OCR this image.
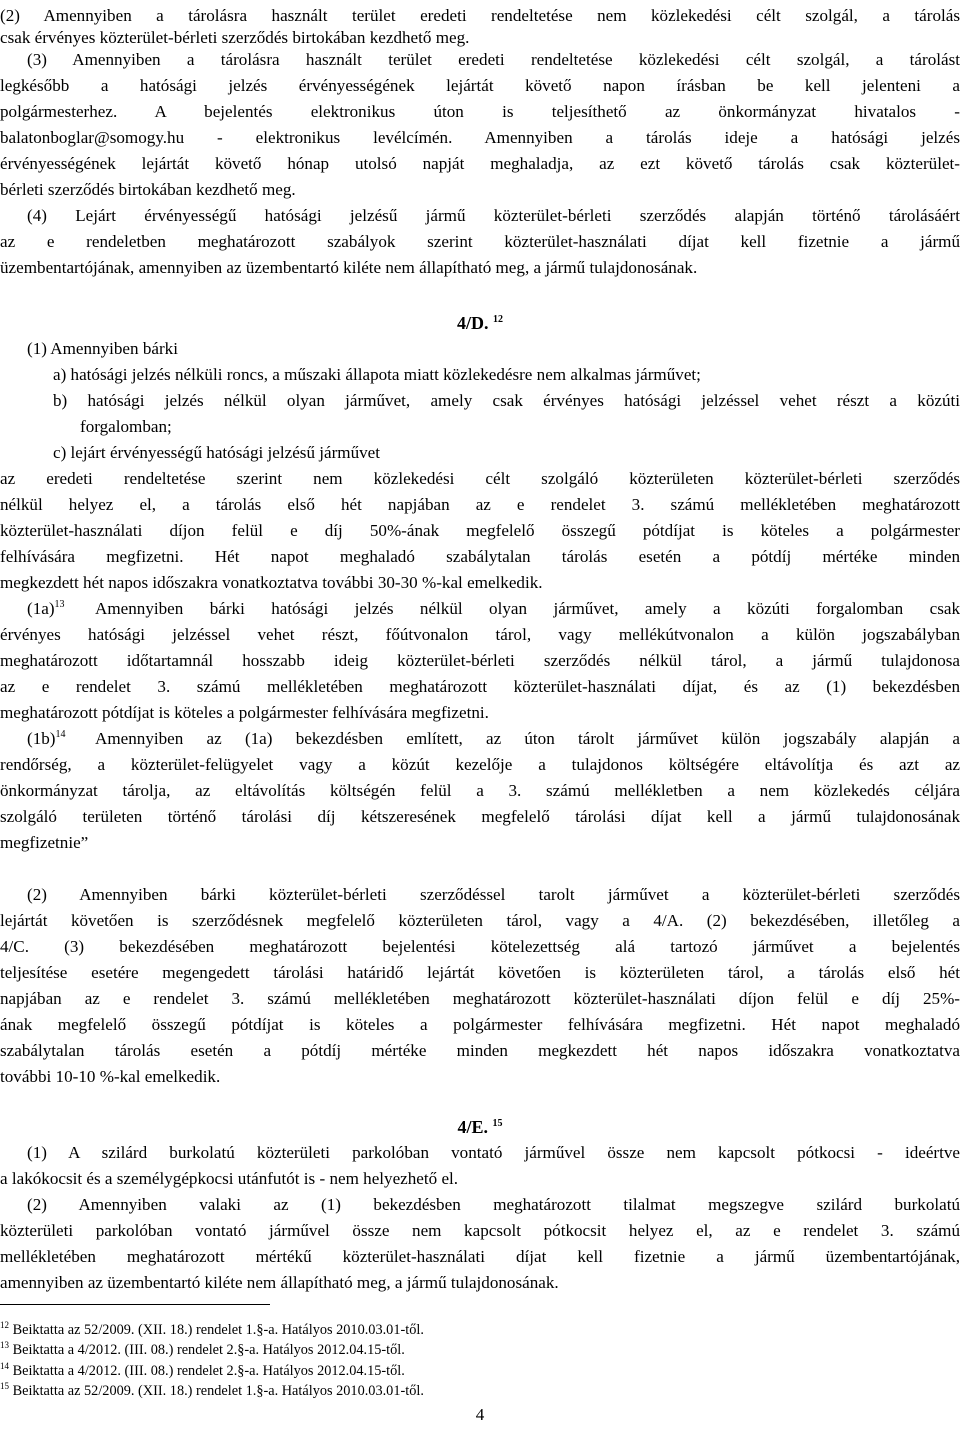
(2) Amennyiben a tárolásra használt terület eredeti rendeltetése nem közlekedési célt szolgál, a tárolás
csak érvényes közterület-bérleti szerződés birtokában kezdhető meg.
(3) Amennyiben a tárolásra használt terület eredeti rendeltetése közlekedési célt szolgál, a tárolást
legkésőbb a hatósági jelzés érvényességének lejártát követő napon írásban be kell jelenteni a
polgármesterhez. A bejelentés elektronikus úton is teljesíthető az önkormányzat hivatalos -
balatonboglar@somogy.hu - elektronikus levélcímén. Amennyiben a tárolás ideje a hatósági jelzés
érvényességének lejártát követő hónap utolsó napját meghaladja, az ezt követő tárolás csak közterület-
bérleti szerződés birtokában kezdhető meg.
(4) Lejárt érvényességű hatósági jelzésű jármű közterület-bérleti szerződés alapján történő tárolásáért
az e rendeletben meghatározott szabályok szerint közterület-használati díjat kell fizetnie a jármű
üzembentartójának, amennyiben az üzembentartó kiléte nem állapítható meg, a jármű tulajdonosának.
(1) Amennyiben bárki
a) hatósági jelzés nélküli roncs, a műszaki állapota miatt közlekedésre nem alkalmas járművet;
b) hatósági jelzés nélkül olyan járművet, amely csak érvényes hatósági jelzéssel vehet részt a közúti
forgalomban;
c) lejárt érvényességű hatósági jelzésű járművet
az eredeti rendeltetése szerint nem közlekedési célt szolgáló közterületen közterület-bérleti szerződés
nélkül helyez el, a tárolás első hét napjában az e rendelet 3. számú mellékletében meghatározott
közterület-használati díjon felül e díj 50%-ának megfelelő összegű pótdíjat is köteles a polgármester
felhívására megfizetni. Hét napot meghaladó szabálytalan tárolás esetén a pótdíj mértéke minden
megkezdett hét napos időszakra vonatkoztatva további 30-30 %-kal emelkedik.
Amennyiben bárki hatósági jelzés nélkül olyan járművet, amely a közúti forgalomban csak
érvényes hatósági jelzéssel vehet részt, főútvonalon tárol, vagy mellékútvonalon a külön jogszabályban
meghatározott időtartamnál hosszabb ideig közterület-bérleti szerződés nélkül tárol, a jármű tulajdonosa
az e rendelet 3. számú mellékletében meghatározott közterület-használati díjat, és az (1) bekezdésben
meghatározott pótdíjat is köteles a polgármester felhívására megfizetni.
Amennyiben az (1a) bekezdésben említett, az úton tárolt járművet külön jogszabály alapján a
rendőrség, a közterület-felügyelet vagy a közút kezelője a tulajdonos költségére eltávolítja és azt az
önkormányzat tárolja, az eltávolítás költségén felül a 3. számú mellékletben a nem közlekedés céljára
szolgáló területen történő tárolási díj kétszeresének megfelelő tárolási díjat kell a jármű tulajdonosának
megfizetnie”
(2) Amennyiben bárki közterület-bérleti szerződéssel tarolt járművet a közterület-bérleti szerződés
lejártát követően is szerződésnek megfelelő közterületen tárol, vagy a 4/A. (2) bekezdésében, illetőleg a
4/C. (3) bekezdésében meghatározott bejelentési kötelezettség alá tartozó járművet a bejelentés
teljesítése esetére megengedett tárolási határidő lejártát követően is közterületen tárol, a tárolás első hét
napjában az e rendelet 3. számú mellékletében meghatározott közterület-használati díjon felül e díj 25%-
ának megfelelő összegű pótdíjat is köteles a polgármester felhívására megfizetni. Hét napot meghaladó
szabálytalan tárolás esetén a pótdíj mértéke minden megkezdett hét napos időszakra vonatkoztatva
további 10-10 %-kal emelkedik.
(1) A szilárd burkolatú közterületi parkolóban vontató járművel össze nem kapcsolt pótkocsi - ideértve
a lakókocsit és a személygépkocsi utánfutót is - nem helyezhető el.
(2) Amennyiben valaki az (1) bekezdésben meghatározott tilalmat megszegve szilárd burkolatú
közterületi parkolóban vontató járművel össze nem kapcsolt pótkocsit helyez el, az e rendelet 3. számú
mellékletében meghatározott mértékű közterület-használati díjat kell fizetnie a jármű üzembentartójának,
amennyiben az üzembentartó kiléte nem állapítható meg, a jármű tulajdonosának.
$(1a)^{13}$
$(1b)^{14}$
4/D. $^{12}$
4/E. $^{15}$
$^{12}$ Beiktatta az 52/2009. (XII. 18.) rendelet 1.§-a. Hatályos 2010.03.01-től.
$^{13}$ Beiktatta a 4/2012. (III. 08.) rendelet 2.§-a. Hatályos 2012.04.15-től.
$^{14}$ Beiktatta a 4/2012. (III. 08.) rendelet 2.§-a. Hatályos 2012.04.15-től.
$^{15}$ Beiktatta az 52/2009. (XII. 18.) rendelet 1.§-a. Hatályos 2010.03.01-től.
4
